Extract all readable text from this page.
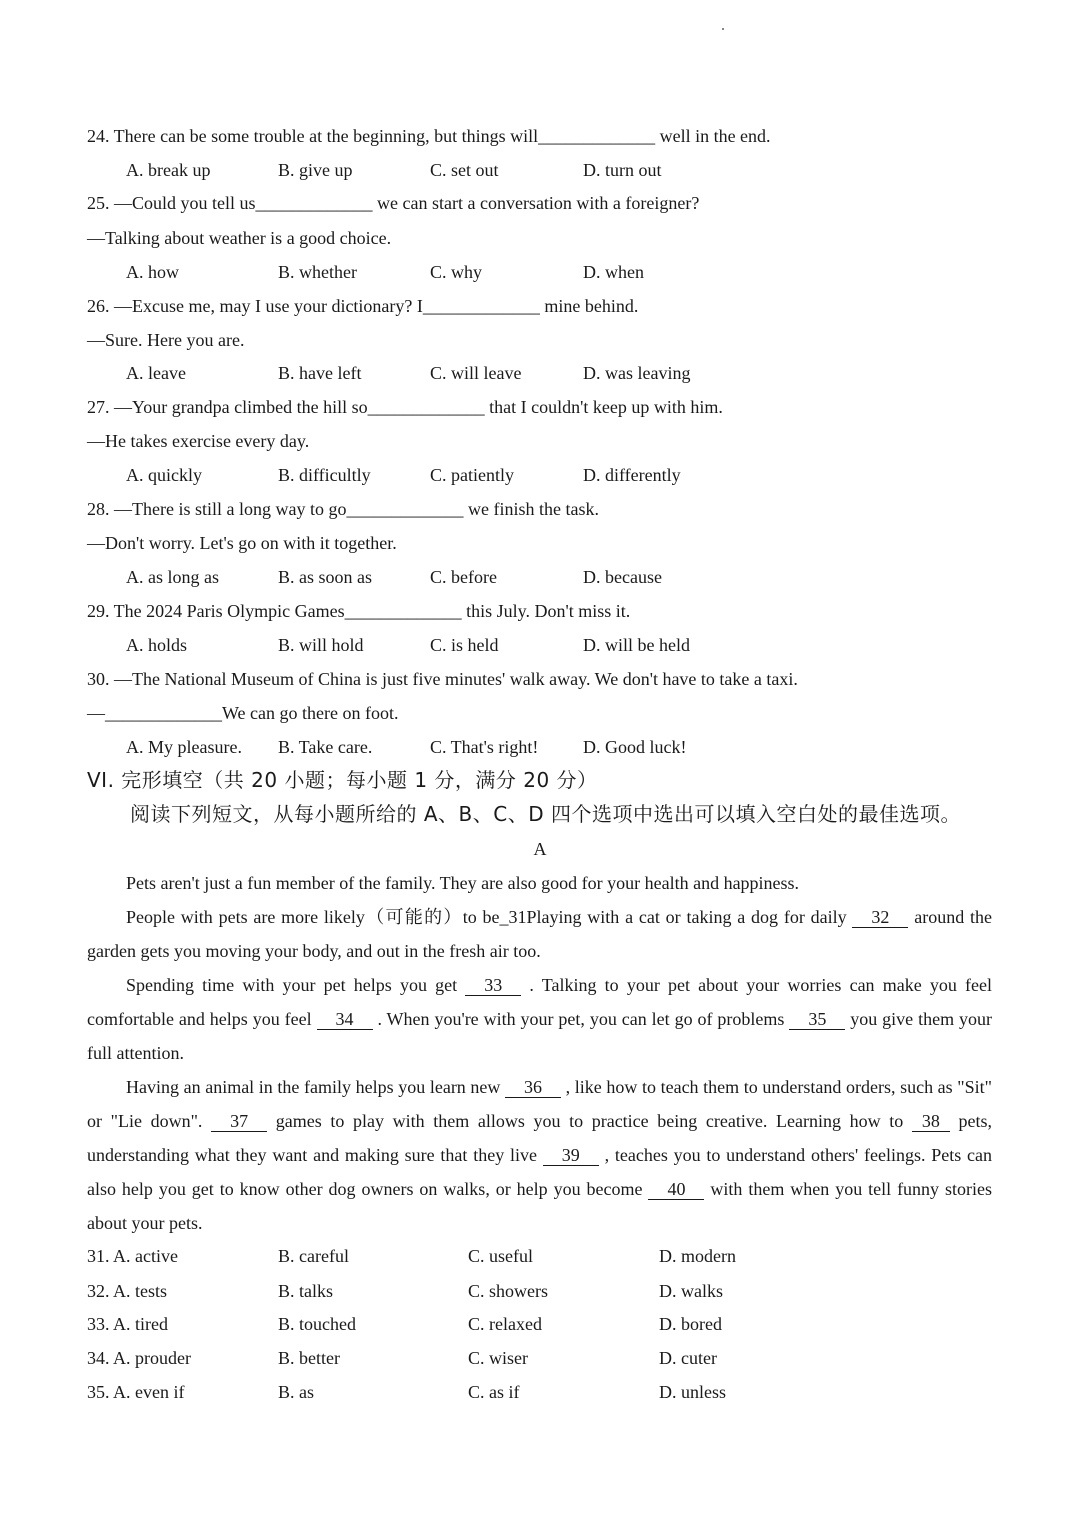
24. There can be some trouble at the beginning, but things will_____________ well in the end.
A. break up	B. give up	C. set out	D. turn out
25. —Could you tell us_____________ we can start a conversation with a foreigner?
—Talking about weather is a good choice.
A. how	B. whether	C. why	D. when
26. —Excuse me, may I use your dictionary? I_____________ mine behind.
—Sure. Here you are.
A. leave	B. have left	C. will leave	D. was leaving
27. —Your grandpa climbed the hill so_____________ that I couldn't keep up with him.
—He takes exercise every day.
A. quickly	B. difficultly	C. patiently	D. differently
28. —There is still a long way to go_____________ we finish the task.
—Don't worry. Let's go on with it together.
A. as long as	B. as soon as	C. before	D. because
29. The 2024 Paris Olympic Games_____________ this July. Don't miss it.
A. holds	B. will hold	C. is held	D. will be held
30. —The National Museum of China is just five minutes' walk away. We don't have to take a taxi.
—_____________We can go there on foot.
A. My pleasure. B. Take care.	C. That's right! D. Good luck!
VI. 完形填空（共 20 小题；每小题 1 分，满分 20 分）
阅读下列短文，从每小题所给的 A、B、C、D 四个选项中选出可以填入空白处的最佳选项。
A
Pets aren't just a fun member of the family. They are also good for your health and happiness.
People with pets are more likely（可能的）to be_31Playing with a cat or taking a dog for daily 32 around the garden gets you moving your body, and out in the fresh air too.
Spending time with your pet helps you get 33 . Talking to your pet about your worries can make you feel comfortable and helps you feel 34 . When you're with your pet, you can let go of problems 35 you give them your full attention.
Having an animal in the family helps you learn new 36 , like how to teach them to understand orders, such as "Sit" or "Lie down". 37 games to play with them allows you to practice being creative. Learning how to 38 pets, understanding what they want and making sure that they live 39 , teaches you to understand others' feelings. Pets can also help you get to know other dog owners on walks, or help you become 40 with them when you tell funny stories about your pets.
31. A. active	B. careful	C. useful	D. modern
32. A. tests	B. talks	C. showers	D. walks
33. A. tired	B. touched	C. relaxed	D. bored
34. A. prouder	B. better	C. wiser	D. cuter
35. A. even if	B. as	C. as if	D. unless
